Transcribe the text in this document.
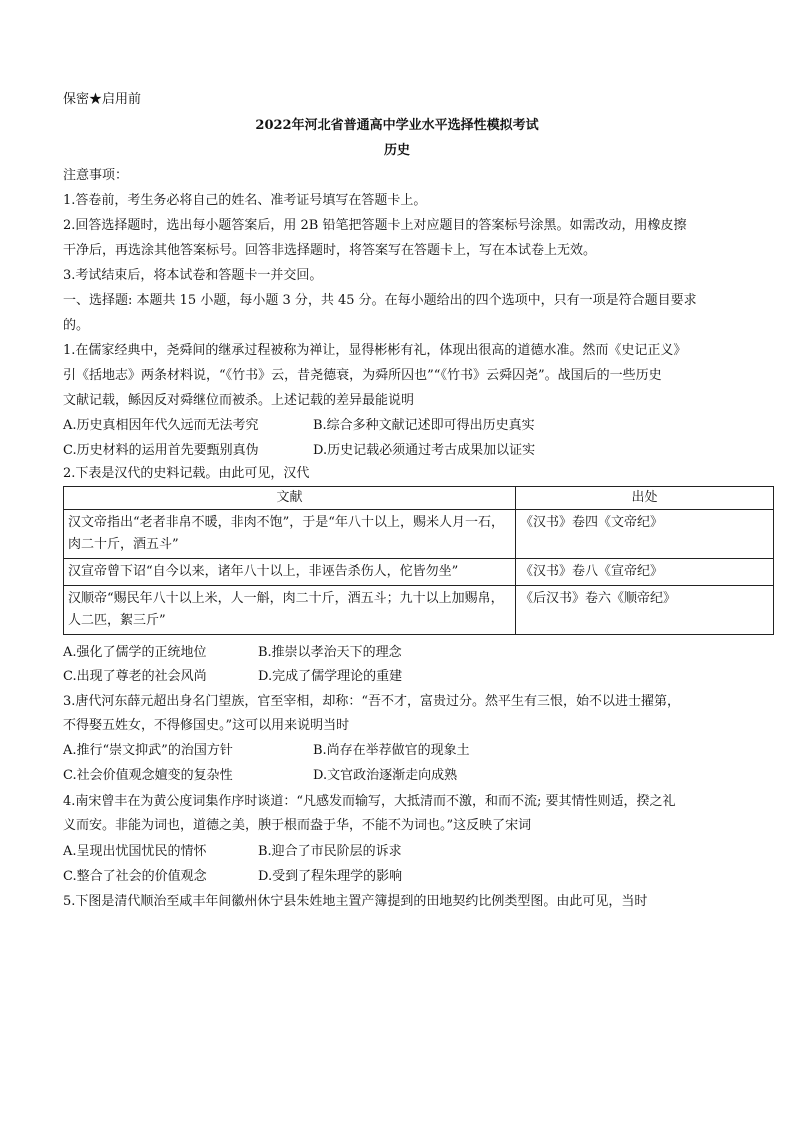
保密★启用前
2022年河北省普通高中学业水平选择性模拟考试
历史
注意事项：
1.答卷前，考生务必将自己的姓名、准考证号填写在答题卡上。
2.回答选择题时，选出每小题答案后，用 2B 铅笔把答题卡上对应题目的答案标号涂黑。如需改动，用橡皮擦
干净后，再选涂其他答案标号。回答非选择题时，将答案写在答题卡上，写在本试卷上无效。
3.考试结束后，将本试卷和答题卡一并交回。
一、选择题: 本题共 15 小题，每小题 3 分，共 45 分。在每小题给出的四个选项中，只有一项是符合题目要求
的。
1.在儒家经典中，尧舜间的继承过程被称为禅让，显得彬彬有礼，体现出很高的道德水准。然而《史记正义》
引《括地志》两条材料说，“《竹书》云，昔尧德衰，为舜所囚也”“《竹书》云舜囚尧”。战国后的一些历史
文献记载，鲧因反对舜继位而被杀。上述记载的差异最能说明
A.历史真相因年代久远而无法考究	B.综合多种文献记述即可得出历史真实
C.历史材料的运用首先要甄别真伪	D.历史记载必须通过考古成果加以证实
2.下表是汉代的史料记载。由此可见，汉代
文献	出处
汉文帝指出“老者非帛不暖，非肉不饱”，于是“年八十以上，赐米人月一石，肉二十斤，酒五斗”	《汉书》卷四《文帝纪》
汉宣帝曾下诏“自今以来，诸年八十以上，非诬告杀伤人，佗皆勿坐”	《汉书》卷八《宣帝纪》
汉顺帝“赐民年八十以上米，人一斛，肉二十斤，酒五斗；九十以上加赐帛，人二匹，絮三斤”	《后汉书》卷六《顺帝纪》
A.强化了儒学的正统地位	B.推崇以孝治天下的理念
C.出现了尊老的社会风尚	D.完成了儒学理论的重建
3.唐代河东薛元超出身名门望族，官至宰相，却称：“吾不才，富贵过分。然平生有三恨，始不以进士擢第，
不得娶五姓女，不得修国史。”这可以用来说明当时
A.推行“崇文抑武”的治国方针	B.尚存在举荐做官的现象土
C.社会价值观念嬗变的复杂性	D.文官政治逐渐走向成熟
4.南宋曾丰在为黄公度词集作序时谈道：“凡感发而输写，大抵清而不激，和而不流; 要其情性则适，揆之礼
义而安。非能为词也，道德之美，腴于根而盎于华，不能不为词也。”这反映了宋词
A.呈现出忧国忧民的情怀	B.迎合了市民阶层的诉求
C.整合了社会的价值观念	D.受到了程朱理学的影响
5.下图是清代顺治至咸丰年间徽州休宁县朱姓地主置产簿提到的田地契约比例类型图。由此可见，当时
